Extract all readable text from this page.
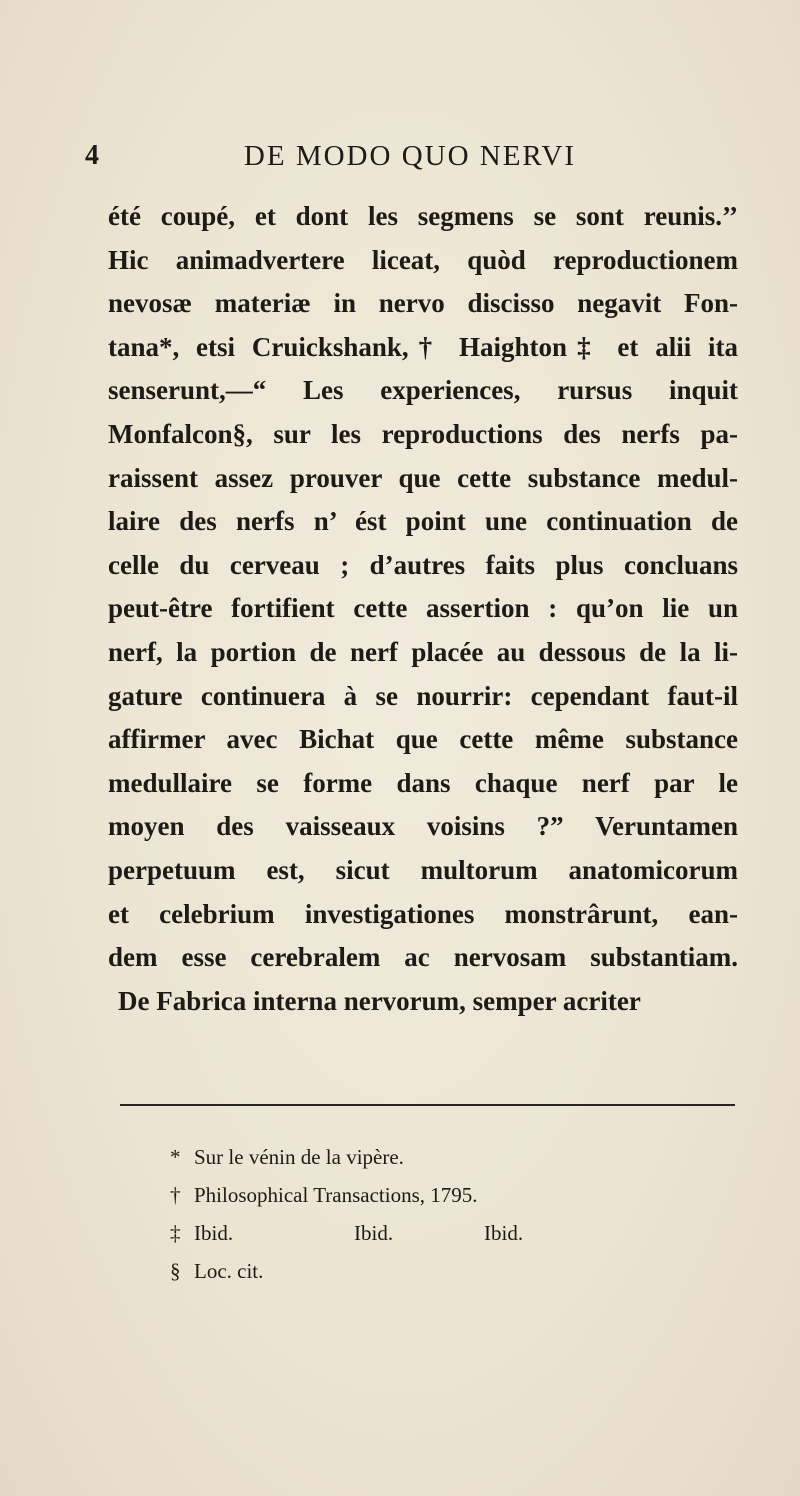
4	DE MODO QUO NERVI
été coupé, et dont les segmens se sont reunis.’’
Hic animadvertere liceat, quòd reproductionem
nevosæ materiæ in nervo discisso negavit Fon-
tana*, etsi Cruickshank,† Haighton‡ et alii ita
senserunt,—“ Les experiences, rursus inquit
Monfalcon§, sur les reproductions des nerfs pa-
raissent assez prouver que cette substance medul-
laire des nerfs n’ ést point une continuation de
celle du cerveau ; d’autres faits plus concluans
peut-être fortifient cette assertion : qu’on lie un
nerf, la portion de nerf placée au dessous de la li-
gature continuera à se nourrir: cependant faut-il
affirmer avec Bichat que cette même substance
medullaire se forme dans chaque nerf par le
moyen des vaisseaux voisins ?” Veruntamen
perpetuum est, sicut multorum anatomicorum
et celebrium investigationes monstrârunt, ean-
dem esse cerebralem ac nervosam substantiam.
De Fabrica interna nervorum, semper acriter
* Sur le vénin de la vipère.
† Philosophical Transactions, 1795.
‡ Ibid.	Ibid.	Ibid.
§ Loc. cit.
